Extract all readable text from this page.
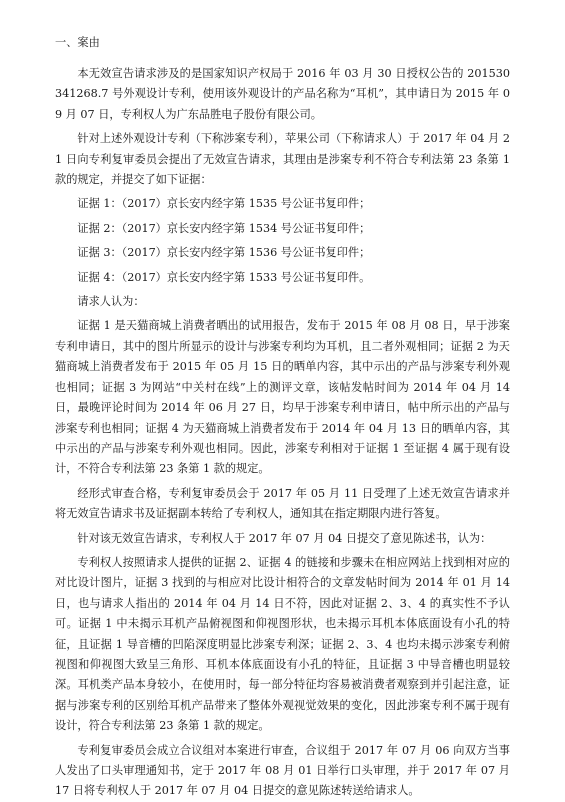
一、案由

本无效宣告请求涉及的是国家知识产权局于 2016 年 03 月 30 日授权公告的 201530341268.7 号外观设计专利，使用该外观设计的产品名称为“耳机”，其申请日为 2015 年 09 月 07 日，专利权人为广东品胜电子股份有限公司。

针对上述外观设计专利（下称涉案专利），苹果公司（下称请求人）于 2017 年 04 月 21 日向专利复审委员会提出了无效宣告请求，其理由是涉案专利不符合专利法第 23 条第 1 款的规定，并提交了如下证据：

证据 1：（2017）京长安内经字第 1535 号公证书复印件；
证据 2：（2017）京长安内经字第 1534 号公证书复印件；
证据 3：（2017）京长安内经字第 1536 号公证书复印件；
证据 4：（2017）京长安内经字第 1533 号公证书复印件。
请求人认为：

证据 1 是天猫商城上消费者晒出的试用报告，发布于 2015 年 08 月 08 日，早于涉案专利申请日，其中的图片所显示的设计与涉案专利均为耳机，且二者外观相同；证据 2 为天猫商城上消费者发布于 2015 年 05 月 15 日的晒单内容，其中示出的产品与涉案专利外观也相同；证据 3 为网站“中关村在线”上的测评文章，该帖发帖时间为 2014 年 04 月 14 日，最晚评论时间为 2014 年 06 月 27 日，均早于涉案专利申请日，帖中所示出的产品与涉案专利也相同；证据 4 为天猫商城上消费者发布于 2014 年 04 月 13 日的晒单内容，其中示出的产品与涉案专利外观也相同。因此，涉案专利相对于证据 1 至证据 4 属于现有设计，不符合专利法第 23 条第 1 款的规定。

经形式审查合格，专利复审委员会于 2017 年 05 月 11 日受理了上述无效宣告请求并将无效宣告请求书及证据副本转给了专利权人，通知其在指定期限内进行答复。

针对该无效宣告请求，专利权人于 2017 年 07 月 04 日提交了意见陈述书，认为：

专利权人按照请求人提供的证据 2、证据 4 的链接和步骤未在相应网站上找到相对应的对比设计图片，证据 3 找到的与相应对比设计相符合的文章发帖时间为 2014 年 01 月 14 日，也与请求人指出的 2014 年 04 月 14 日不符，因此对证据 2、3、4 的真实性不予认可。证据 1 中未揭示耳机产品俯视图和仰视图形状，也未揭示耳机本体底面设有小孔的特征，且证据 1 导音槽的凹陷深度明显比涉案专利深；证据 2、3、4 也均未揭示涉案专利俯视图和仰视图大致呈三角形、耳机本体底面设有小孔的特征，且证据 3 中导音槽也明显较深。耳机类产品本身较小，在使用时，每一部分特征均容易被消费者观察到并引起注意，证据与涉案专利的区别给耳机产品带来了整体外观视觉效果的变化，因此涉案专利不属于现有设计，符合专利法第 23 条第 1 款的规定。

专利复审委员会成立合议组对本案进行审查，合议组于 2017 年 07 月 06 向双方当事人发出了口头审理通知书，定于 2017 年 08 月 01 日举行口头审理，并于 2017 年 07 月 17 日将专利权人于 2017 年 07 月 04 日提交的意见陈述转送给请求人。
